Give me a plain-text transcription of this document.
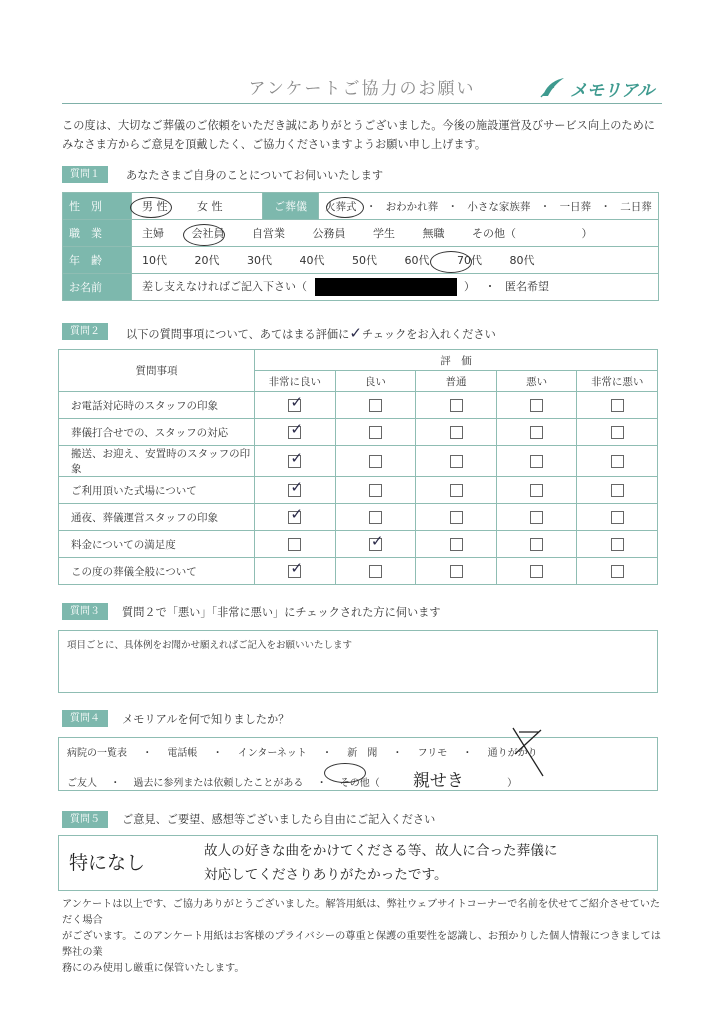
アンケートご協力のお願い	メモリアル
この度は、大切なご葬儀のご依頼をいただき誠にありがとうございました。今後の施設運営及びサービス向上のために
みなさま方からご意見を頂戴したく、ご協力くださいますようお願い申し上げます。
質問１	あなたさまご自身のことについてお伺いいたします
性　別	男 性 女 性	ご葬儀	火葬式 ・ おわかれ葬 ・ 小さな家族葬 ・ 一日葬 ・ 二日葬
職　業	主婦 会社員 自営業 公務員 学生 無職 その他（ ）		
年　齢	10代 20代 30代 40代 50代 60代 70代 80代		
お名前	差し支えなければご記入下さい（ ） ・ 匿名希望		
質問２	以下の質問事項について、あてはまる評価に✓チェックをお入れください
質問事項	評　価				
	非常に良い	良い	普通	悪い	非常に悪い
お電話対応時のスタッフの印象	✓				

葬儀打合せでの、スタッフの対応	✓				

搬送、お迎え、安置時のスタッフの印象	✓				

ご利用頂いた式場について	✓				

通夜、葬儀運営スタッフの印象	✓				

料金についての満足度		✓			

この度の葬儀全般について	✓				

質問３	質問２で「悪い」「非常に悪い」にチェックされた方に伺います
項目ごとに、具体例をお聞かせ願えればご記入をお願いいたします
質問４	メモリアルを何で知りましたか？
病院の一覧表 ・ 電話帳 ・ インターネット ・ 新　聞 ・ フリモ ・ 通りがかり
ご友人 ・ 過去に参列または依頼したことがある ・ その他（ 親せき	）
質問５	ご意見、ご要望、感想等ございましたら自由にご記入ください
特になし
故人の好きな曲をかけてくださる等、故人に合った葬儀に
対応してくださりありがたかったです。
アンケートは以上です、ご協力ありがとうございました。解答用紙は、弊社ウェブサイトコーナーで名前を伏せてご紹介させていただく場合
がございます。このアンケート用紙はお客様のプライバシーの尊重と保護の重要性を認識し、お預かりした個人情報につきましては弊社の業
務にのみ使用し厳重に保管いたします。
